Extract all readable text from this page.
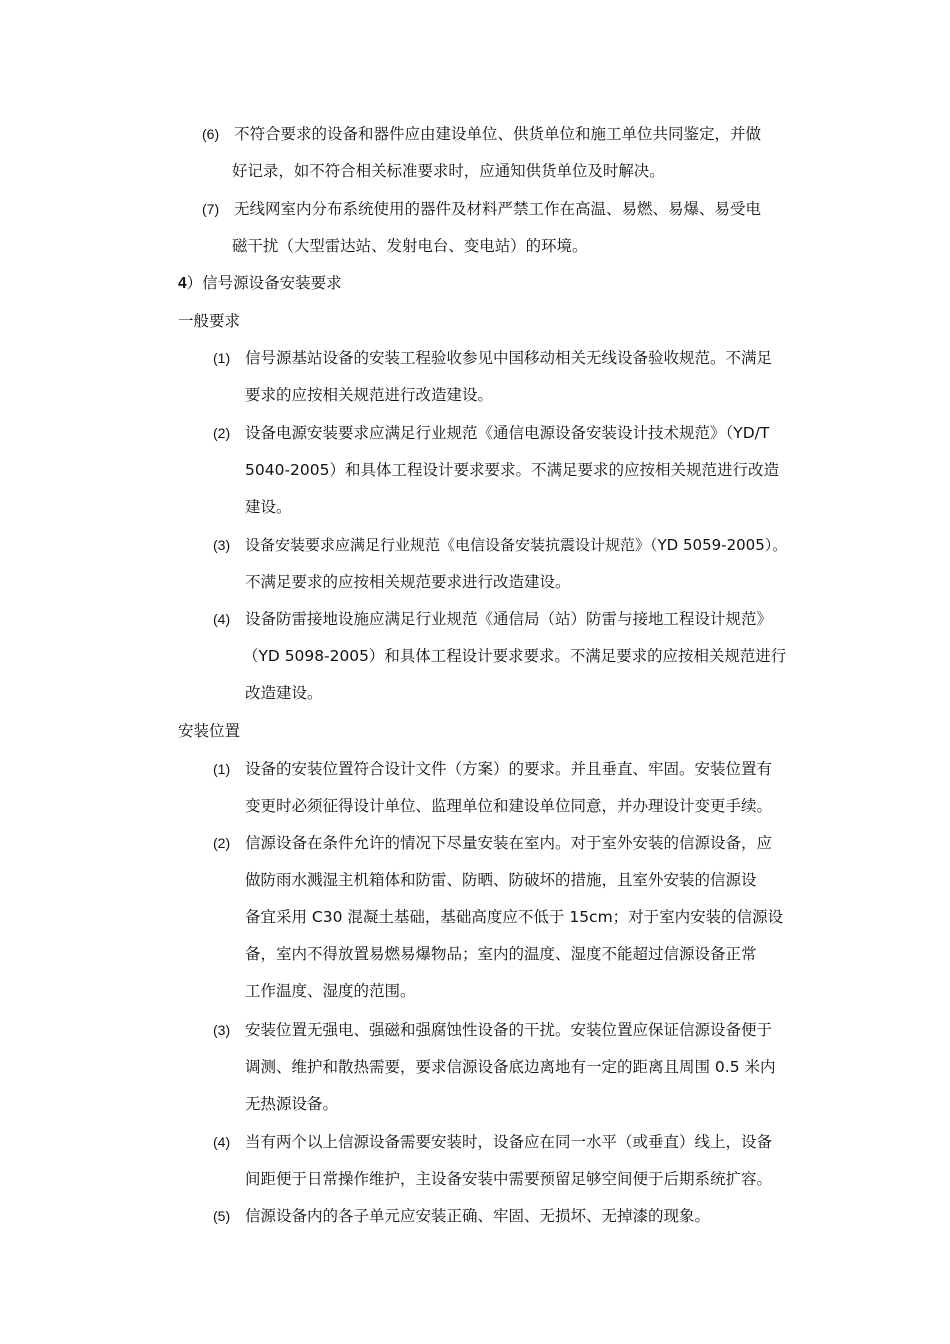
(6) 不符合要求的设备和器件应由建设单位、供货单位和施工单位共同鉴定，并做
好记录，如不符合相关标准要求时，应通知供货单位及时解决。
(7) 无线网室内分布系统使用的器件及材料严禁工作在高温、易燃、易爆、易受电
磁干扰（大型雷达站、发射电台、变电站）的环境。
4）信号源设备安装要求
一般要求
(1) 信号源基站设备的安装工程验收参见中国移动相关无线设备验收规范。不满足
要求的应按相关规范进行改造建设。
(2) 设备电源安装要求应满足行业规范《通信电源设备安装设计技术规范》（YD/T
5040-2005）和具体工程设计要求要求。不满足要求的应按相关规范进行改造
建设。
(3) 设备安装要求应满足行业规范《电信设备安装抗震设计规范》（YD 5059-2005）。
不满足要求的应按相关规范要求进行改造建设。
(4) 设备防雷接地设施应满足行业规范《通信局（站）防雷与接地工程设计规范》
（YD 5098-2005）和具体工程设计要求要求。不满足要求的应按相关规范进行
改造建设。
安装位置
(1) 设备的安装位置符合设计文件（方案）的要求。并且垂直、牢固。安装位置有
变更时必须征得设计单位、监理单位和建设单位同意，并办理设计变更手续。
(2) 信源设备在条件允许的情况下尽量安装在室内。对于室外安装的信源设备，应
做防雨水溅湿主机箱体和防雷、防晒、防破坏的措施，且室外安装的信源设
备宜采用 C30 混凝土基础，基础高度应不低于 15cm；对于室内安装的信源设
备，室内不得放置易燃易爆物品；室内的温度、湿度不能超过信源设备正常
工作温度、湿度的范围。
(3) 安装位置无强电、强磁和强腐蚀性设备的干扰。安装位置应保证信源设备便于
调测、维护和散热需要，要求信源设备底边离地有一定的距离且周围 0.5 米内
无热源设备。
(4) 当有两个以上信源设备需要安装时，设备应在同一水平（或垂直）线上，设备
间距便于日常操作维护，主设备安装中需要预留足够空间便于后期系统扩容。
(5) 信源设备内的各子单元应安装正确、牢固、无损坏、无掉漆的现象。
